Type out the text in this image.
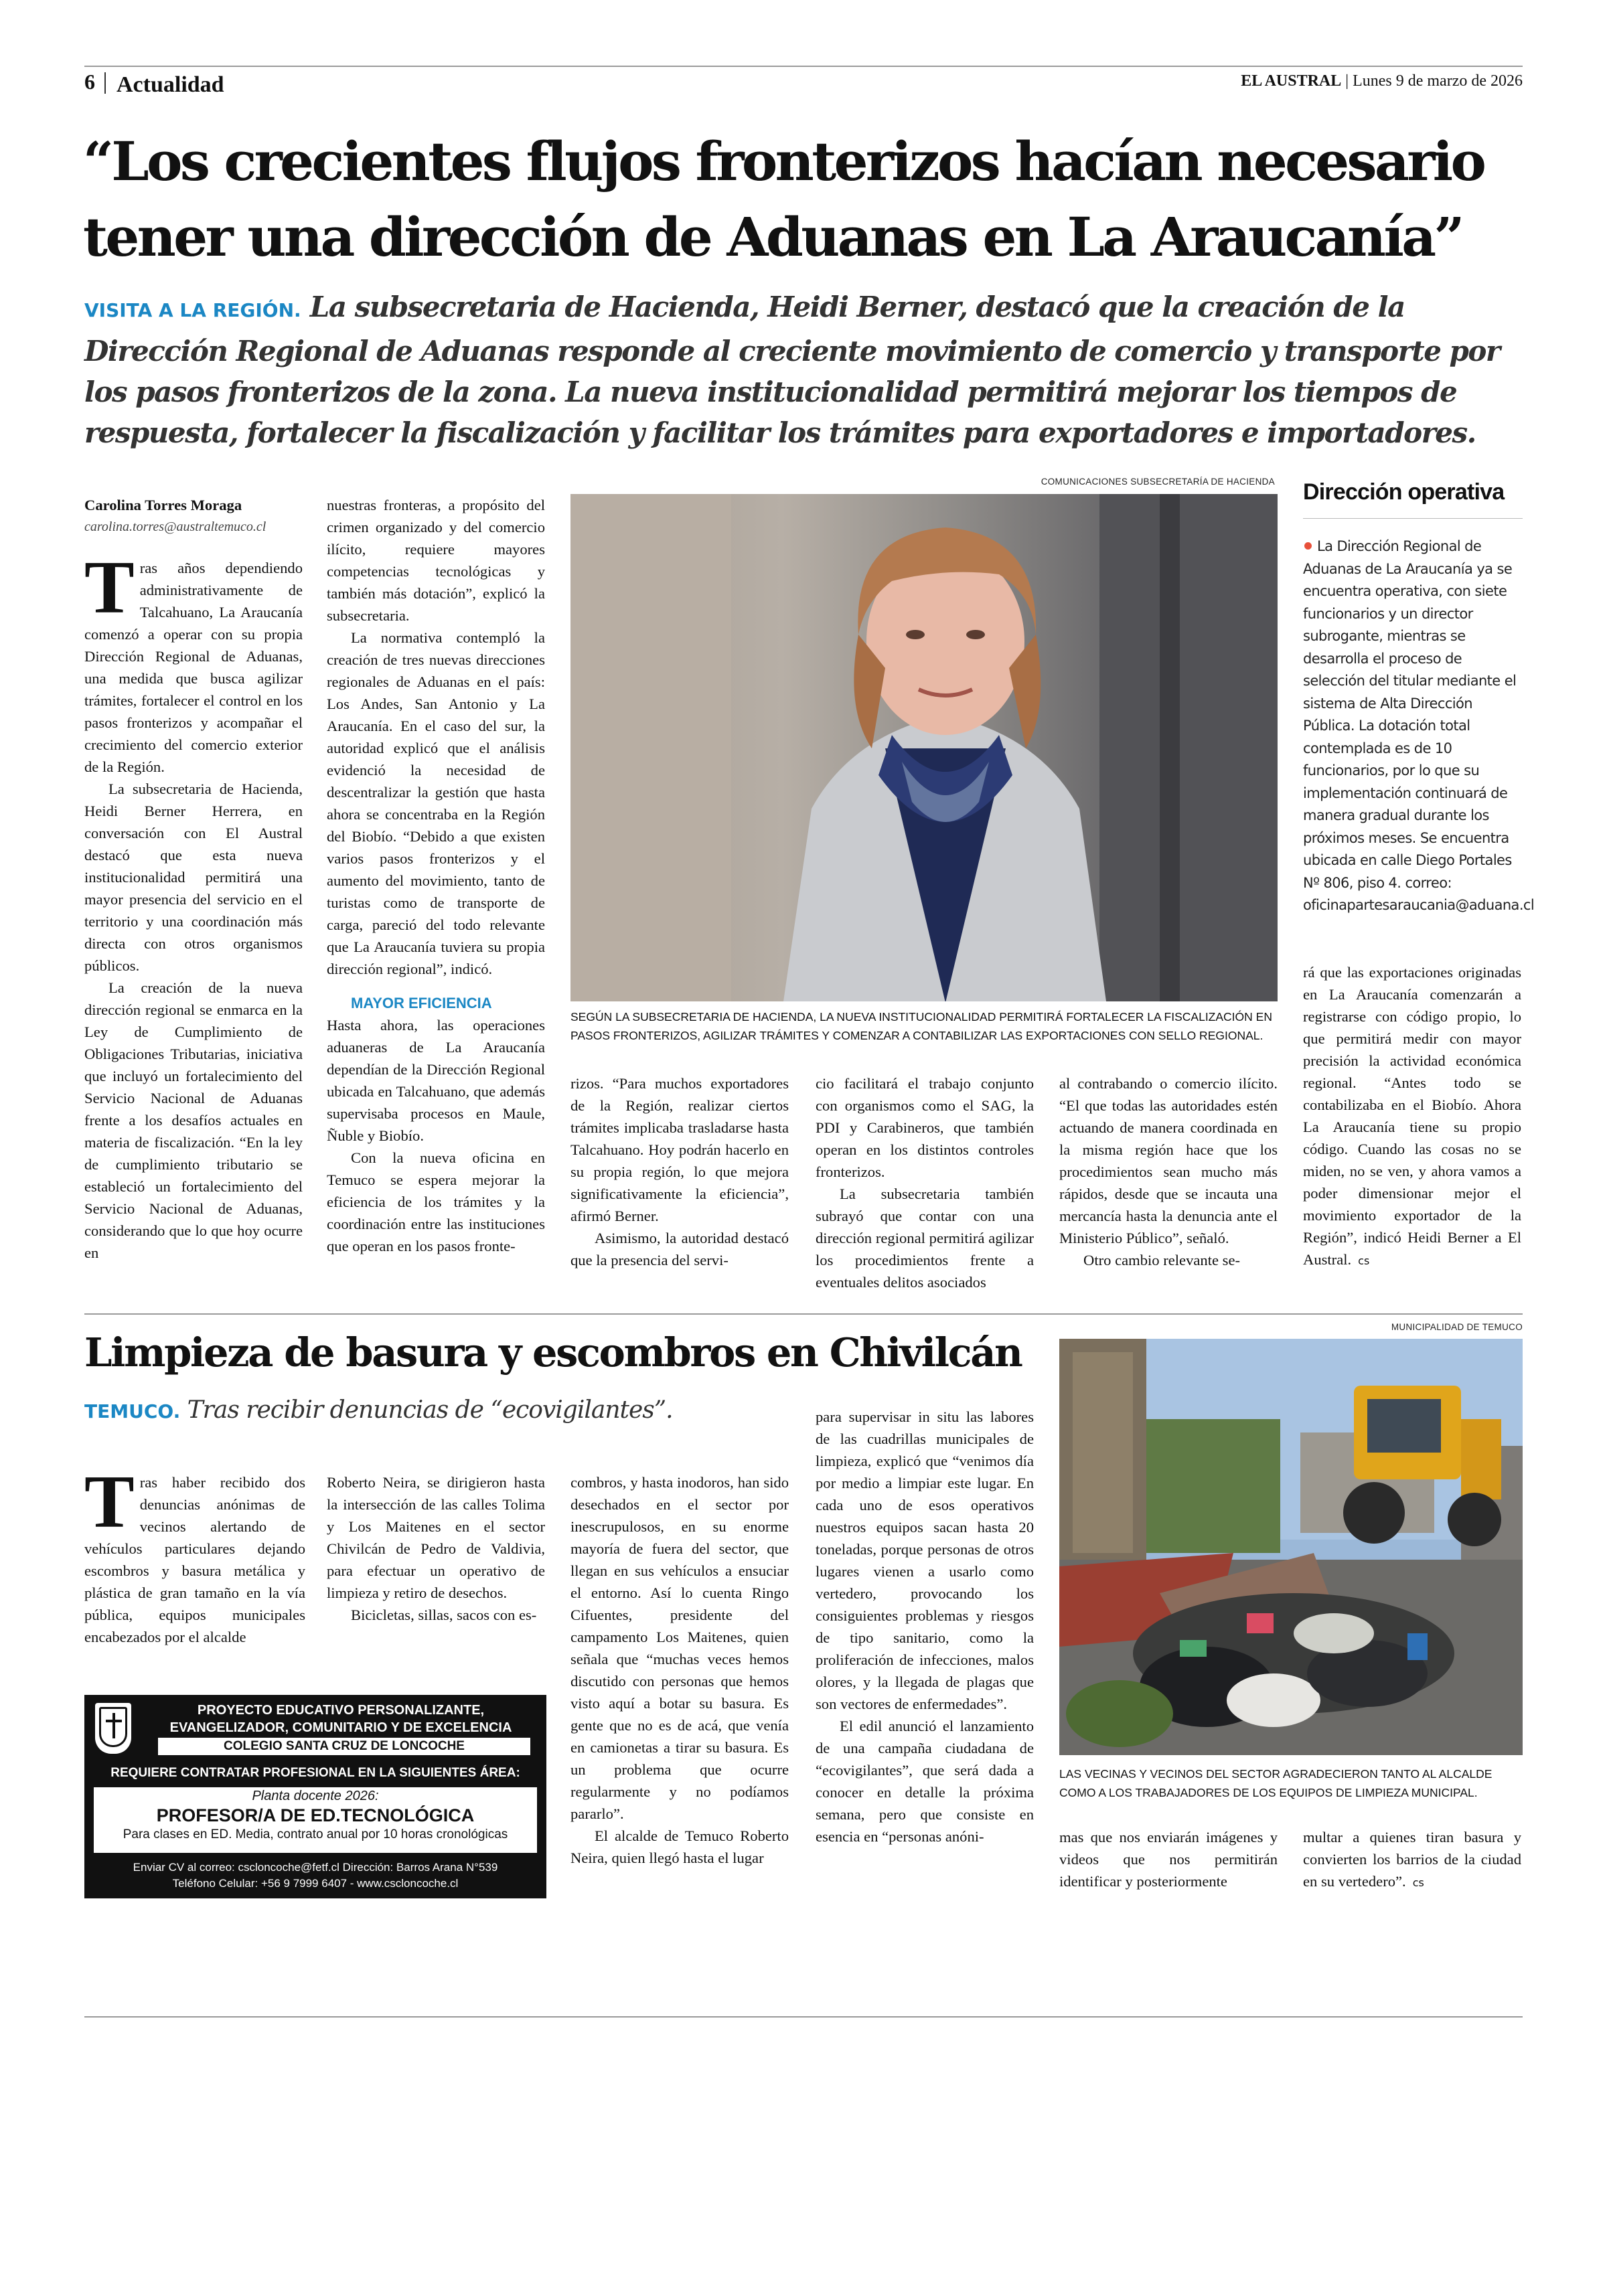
6 Actualidad	EL AUSTRAL | Lunes 9 de marzo de 2026
“Los crecientes flujos fronterizos hacían necesario
tener una dirección de Aduanas en La Araucanía”
VISITA A LA REGIÓN. La subsecretaria de Hacienda, Heidi Berner, destacó que la creación de la
Dirección Regional de Aduanas responde al creciente movimiento de comercio y transporte por
los pasos fronterizos de la zona. La nueva institucionalidad permitirá mejorar los tiempos de
respuesta, fortalecer la fiscalización y facilitar los trámites para exportadores e importadores.

Carolina Torres Moraga

carolina.torres@australtemuco.cl

Tras años dependiendo administrativamente de Talcahuano, La Araucanía comenzó a operar con su propia Dirección Regional de Aduanas, una medida que busca agilizar trámites, fortalecer el control en los pasos fronterizos y acompañar el crecimiento del comercio exterior de la Región.

La subsecretaria de Hacienda, Heidi Berner Herrera, en conversación con El Austral destacó que esta nueva institucionalidad permitirá una mayor presencia del servicio en el territorio y una coordinación más directa con otros organismos públicos.

La creación de la nueva dirección regional se enmarca en la Ley de Cumplimiento de Obligaciones Tributarias, iniciativa que incluyó un fortalecimiento del Servicio Nacional de Aduanas frente a los desafíos actuales en materia de fiscalización. “En la ley de cumplimiento tributario se estableció un fortalecimiento del Servicio Nacional de Aduanas, considerando que lo que hoy ocurre en

nuestras fronteras, a propósito del crimen organizado y del comercio ilícito, requiere mayores competencias tecnológicas y también más dotación”, explicó la subsecretaria.

La normativa contempló la creación de tres nuevas direcciones regionales de Aduanas en el país: Los Andes, San Antonio y La Araucanía. En el caso del sur, la autoridad explicó que el análisis evidenció la necesidad de descentralizar la gestión que hasta ahora se concentraba en la Región del Biobío. “Debido a que existen varios pasos fronterizos y el aumento del movimiento, tanto de turistas como de transporte de carga, pareció del todo relevante que La Araucanía tuviera su propia dirección regional”, indicó.

MAYOR EFICIENCIA

Hasta ahora, las operaciones aduaneras de La Araucanía dependían de la Dirección Regional ubicada en Talcahuano, que además supervisaba procesos en Maule, Ñuble y Biobío.

Con la nueva oficina en Temuco se espera mejorar la eficiencia de los trámites y la coordinación entre las instituciones que operan en los pasos fronte-

COMUNICACIONES SUBSECRETARÍA DE HACIENDA
SEGÚN LA SUBSECRETARIA DE HACIENDA, LA NUEVA INSTITUCIONALIDAD PERMITIRÁ FORTALECER LA FISCALIZACIÓN EN PASOS FRONTERIZOS, AGILIZAR TRÁMITES Y COMENZAR A CONTABILIZAR LAS EXPORTACIONES CON SELLO REGIONAL.
Dirección operativa
La Dirección Regional de Aduanas de La Araucanía ya se encuentra operativa, con siete funcionarios y un director subrogante, mientras se desarrolla el proceso de selección del titular mediante el sistema de Alta Dirección Pública. La dotación total contemplada es de 10 funcionarios, por lo que su implementación continuará de manera gradual durante los próximos meses. Se encuentra ubicada en calle Diego Portales Nº 806, piso 4. correo: oficinapartesaraucania@aduana.cl

rizos. “Para muchos exportadores de la Región, realizar ciertos trámites implicaba trasladarse hasta Talcahuano. Hoy podrán hacerlo en su propia región, lo que mejora significativamente la eficiencia”, afirmó Berner.

Asimismo, la autoridad destacó que la presencia del servi-

cio facilitará el trabajo conjunto con organismos como el SAG, la PDI y Carabineros, que también operan en los distintos controles fronterizos.

La subsecretaria también subrayó que contar con una dirección regional permitirá agilizar los procedimientos frente a eventuales delitos asociados

al contrabando o comercio ilícito. “El que todas las autoridades estén actuando de manera coordinada en la misma región hace que los procedimientos sean mucho más rápidos, desde que se incauta una mercancía hasta la denuncia ante el Ministerio Público”, señaló.

Otro cambio relevante se-

rá que las exportaciones originadas en La Araucanía comenzarán a registrarse con código propio, lo que permitirá medir con mayor precisión la actividad económica regional. “Antes todo se contabilizaba en el Biobío. Ahora La Araucanía tiene su propio código. Cuando las cosas no se miden, no se ven, y ahora vamos a poder dimensionar mejor el movimiento exportador de la Región”, indicó Heidi Berner a El Austral. cs

Limpieza de basura y escombros en Chivilcán
TEMUCO. Tras recibir denuncias de “ecovigilantes”.

Tras haber recibido dos denuncias anónimas de vecinos alertando de vehículos particulares dejando escombros y basura metálica y plástica de gran tamaño en la vía pública, equipos municipales encabezados por el alcalde

Roberto Neira, se dirigieron hasta la intersección de las calles Tolima y Los Maitenes en el sector Chivilcán de Pedro de Valdivia, para efectuar un operativo de limpieza y retiro de desechos.

Bicicletas, sillas, sacos con es-

combros, y hasta inodoros, han sido desechados en el sector por inescrupulosos, en su enorme mayoría de fuera del sector, que llegan en sus vehículos a ensuciar el entorno. Así lo cuenta Ringo Cifuentes, presidente del campamento Los Maitenes, quien señala que “muchas veces hemos discutido con personas que hemos visto aquí a botar su basura. Es gente que no es de acá, que venía en camionetas a tirar su basura. Es un problema que ocurre regularmente y no podíamos pararlo”.

El alcalde de Temuco Roberto Neira, quien llegó hasta el lugar

para supervisar in situ las labores de las cuadrillas municipales de limpieza, explicó que “venimos día por medio a limpiar este lugar. En cada uno de esos operativos nuestros equipos sacan hasta 20 toneladas, porque personas de otros lugares vienen a usarlo como vertedero, provocando los consiguientes problemas y riesgos de tipo sanitario, como la proliferación de infecciones, malos olores, y la llegada de plagas que son vectores de enfermedades”.

El edil anunció el lanzamiento de una campaña ciudadana de “ecovigilantes”, que será dada a conocer en detalle la próxima semana, pero que consiste en esencia en “personas anóni-	mas que nos enviarán imágenes y videos que nos permitirán identificar y posteriormente

multar a quienes tiran basura y convierten los barrios de la ciudad en su vertedero”. cs

MUNICIPALIDAD DE TEMUCO
LAS VECINAS Y VECINOS DEL SECTOR AGRADECIERON TANTO AL ALCALDE COMO A LOS TRABAJADORES DE LOS EQUIPOS DE LIMPIEZA MUNICIPAL.
PROYECTO EDUCATIVO PERSONALIZANTE,
EVANGELIZADOR, COMUNITARIO Y DE EXCELENCIA
COLEGIO SANTA CRUZ DE LONCOCHE
REQUIERE CONTRATAR PROFESIONAL EN LA SIGUIENTES ÁREA:
Planta docente 2026:
PROFESOR/A DE ED.TECNOLÓGICA
Para clases en ED. Media, contrato anual por 10 horas cronológicas
Enviar CV al correo: csclonc​oche@fetf.cl Dirección: Barros Arana N°539
Teléfono Celular: +56 9 7999 6407 - www.cscloncoche.cl
